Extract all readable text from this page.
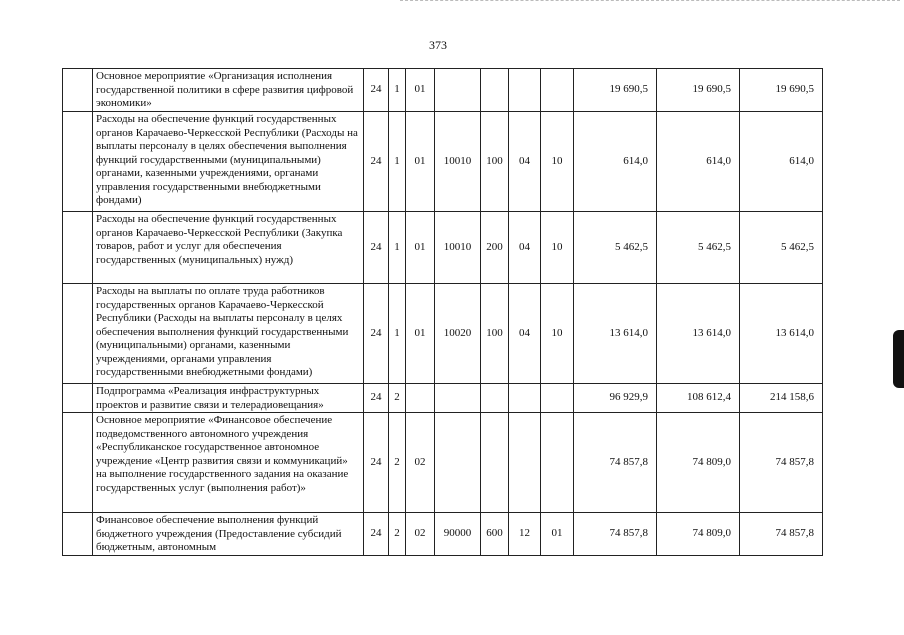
373
	Основное мероприятие «Организация исполнения государственной политики в сфере развития цифровой экономики»	24	1	01					19 690,5	19 690,5	19 690,5
	Расходы на обеспечение функций государственных органов Карачаево-Черкесской Республики (Расходы на выплаты персоналу в целях обеспечения выполнения функций государственными (муниципальными) органами, казенными учреждениями, органами управления государственными внебюджетными фондами)	24	1	01	10010	100	04	10	614,0	614,0	614,0
	Расходы на обеспечение функций государственных органов Карачаево-Черкесской Республики (Закупка товаров, работ и услуг для обеспечения государственных (муниципальных) нужд)	24	1	01	10010	200	04	10	5 462,5	5 462,5	5 462,5
	Расходы на выплаты по оплате труда работников государственных органов Карачаево-Черкесской Республики (Расходы на выплаты персоналу в целях обеспечения выполнения функций государственными (муниципальными) органами, казенными учреждениями, органами управления государственными внебюджетными фондами)	24	1	01	10020	100	04	10	13 614,0	13 614,0	13 614,0
	Подпрограмма «Реализация инфраструктурных проектов и развитие связи и телерадиовещания»	24	2						96 929,9	108 612,4	214 158,6
	Основное мероприятие «Финансовое обеспечение подведомственного автономного учреждения «Республиканское государственное автономное учреждение «Центр развития связи и коммуникаций» на выполнение государственного задания на оказание государственных услуг (выполнения работ)»	24	2	02					74 857,8	74 809,0	74 857,8
	Финансовое обеспечение выполнения функций бюджетного учреждения (Предоставление субсидий бюджетным, автономным	24	2	02	90000	600	12	01	74 857,8	74 809,0	74 857,8
